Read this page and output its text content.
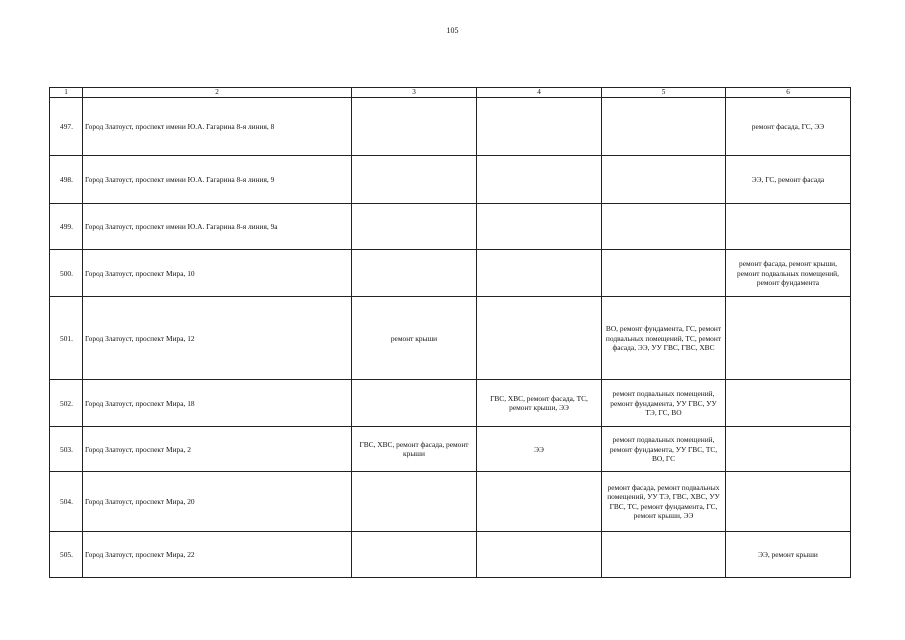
105
1	2	3	4	5	6
497.	Город Златоуст, проспект имени Ю.А. Гагарина 8-я линия, 8				ремонт фасада, ГС, ЭЭ
498.	Город Златоуст, проспект имени Ю.А. Гагарина 8-я линия, 9				ЭЭ, ГС, ремонт фасада
499.	Город Златоуст, проспект имени Ю.А. Гагарина 8-я линия, 9а				
500.	Город Златоуст, проспект Мира, 10				ремонт фасада, ремонт крыши, ремонт подвальных помещений, ремонт фундамента
501.	Город Златоуст, проспект Мира, 12	ремонт крыши		ВО, ремонт фундамента, ГС, ремонт подвальных помещений, ТС, ремонт фасада, ЭЭ, УУ ГВС, ГВС, ХВС	
502.	Город Златоуст, проспект Мира, 18		ГВС, ХВС, ремонт фасада, ТС, ремонт крыши, ЭЭ	ремонт подвальных помещений, ремонт фундамента, УУ ГВС, УУ ТЭ, ГС, ВО	
503.	Город Златоуст, проспект Мира, 2	ГВС, ХВС, ремонт фасада, ремонт крыши	ЭЭ	ремонт подвальных помещений, ремонт фундамента, УУ ГВС, ТС, ВО, ГС	
504.	Город Златоуст, проспект Мира, 20			ремонт фасада, ремонт подвальных помещений, УУ ТЭ, ГВС, ХВС, УУ ГВС, ТС, ремонт фундамента, ГС, ремонт крыши, ЭЭ	
505.	Город Златоуст, проспект Мира, 22				ЭЭ, ремонт крыши
